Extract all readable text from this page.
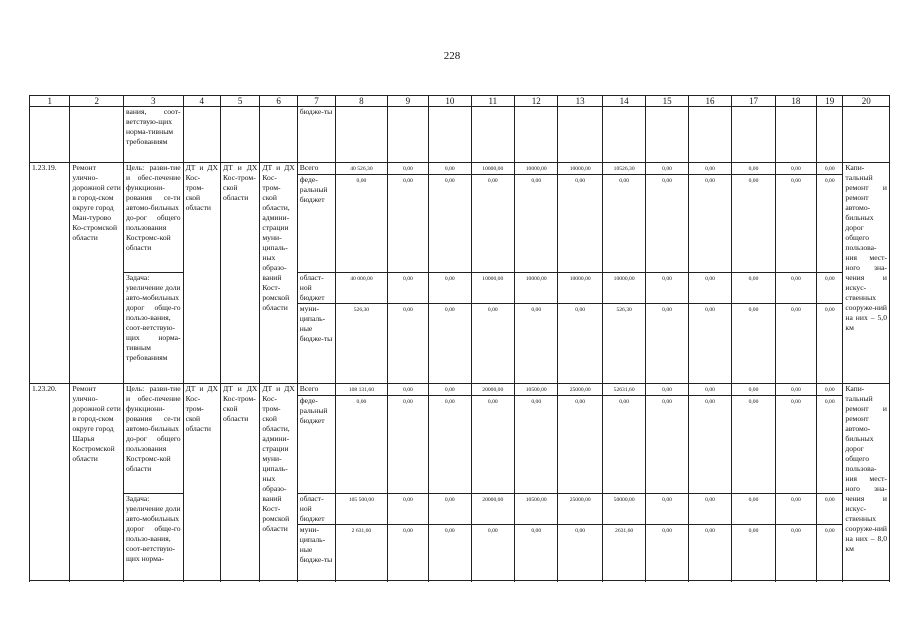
228
1	2	3	4	5	6	7	8	9	10	11	12	13	14	15	16	17	18	19	20
		вания, соот-ветствую-щих норма-тивным требованиям				бюдже-ты													
1.23.19.	Ремонт улично-дорожной сети в город-ском округе город Ман-турово Ко-стромской области	Цель: разви-тие и обес-печение функциони-рования се-ти автомо-бильных до-рог общего пользования Костромс-кой области	ДТ и ДХ Кос-тром-ской области	ДТ и ДХ Кос-тром-ской области	ДТ и ДХ Кос-тром-ской области, админи-страции муни-ципаль-ных образо-ваний Кост-ромской области	Всего	40 526,30	0,00	0,00	10000,00	10000,00	10000,00	10526,30	0,00	0,00	0,00	0,00	0,00	Капи-тальный ремонт и ремонт автомо-бильных дорог общего пользова-ния мест-ного зна-чения и искус-ственных сооруже-ний на них – 5,0 км
						феде-ральный бюджет	0,00	0,00	0,00	0,00	0,00	0,00	0,00	0,00	0,00	0,00	0,00	0,00	
						област-ной бюджет	40 000,00	0,00	0,00	10000,00	10000,00	10000,00	10000,00	0,00	0,00	0,00	0,00	0,00	
		Задача: увеличение доли авто-мобильных дорог обще-го пользо-вания, соот-ветствую-щих норма-тивным требованиям																	
						муни-ципаль-ные бюдже-ты	526,30	0,00	0,00	0,00	0,00	0,00	526,30	0,00	0,00	0,00	0,00	0,00	

1.23.20.	Ремонт улично-дорожной сети в город-ском округе город Шарья Костромской области	Цель: разви-тие и обес-печение функциони-рования се-ти автомо-бильных до-рог общего пользования Костромс-кой области	ДТ и ДХ Кос-тром-ской области	ДТ и ДХ Кос-тром-ской области	ДТ и ДХ Кос-тром-ской области, админи-страции муни-ципаль-ных образо-ваний Кост-ромской области	Всего	108 131,60	0,00	0,00	20000,00	10500,00	25000,00	52631,60	0,00	0,00	0,00	0,00	0,00	Капи-тальный ремонт и ремонт автомо-бильных дорог общего пользова-ния мест-ного зна-чения и искус-ственных сооруже-ний на них – 8,0 км
						феде-ральный бюджет	0,00	0,00	0,00	0,00	0,00	0,00	0,00	0,00	0,00	0,00	0,00	0,00	
						област-ной бюджет	105 500,00	0,00	0,00	20000,00	10500,00	25000,00	50000,00	0,00	0,00	0,00	0,00	0,00	
		Задача: увеличение доли авто-мобильных дорог обще-го пользо-вания, соот-ветствую-щих норма-																	
						муни-ципаль-ные бюдже-ты	2 631,60	0,00	0,00	0,00	0,00	0,00	2631,60	0,00	0,00	0,00	0,00	0,00	
